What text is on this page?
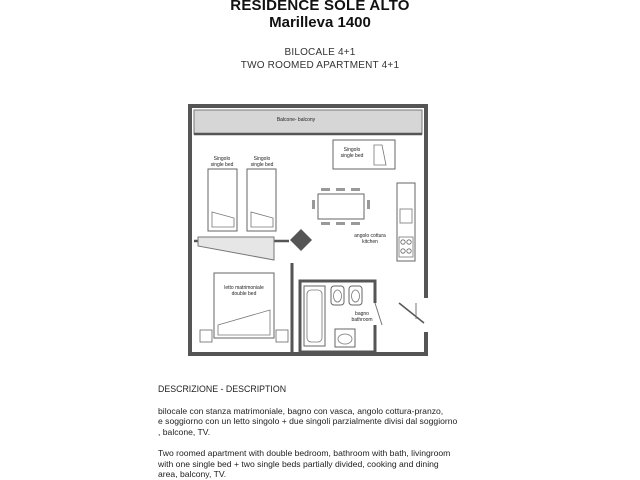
RESIDENCE SOLE ALTO
Marilleva 1400
BILOCALE 4+1
TWO ROOMED APARTMENT 4+1
Balcone- balcony
Singolo
single bed
Singolo
single bed
Singolo
single bed
angolo cottura
kitchen
letto matrimoniale
double bed
bagno
bathroom
DESCRIZIONE - DESCRIPTION
bilocale con stanza matrimoniale, bagno con vasca, angolo cottura-pranzo,
e soggiorno con un letto singolo + due singoli parzialmente divisi dal soggiorno
, balcone, TV.
Two roomed apartment with double bedroom, bathroom with bath, livingroom
with one single bed + two single beds partially divided, cooking and dining
area, balcony, TV.
